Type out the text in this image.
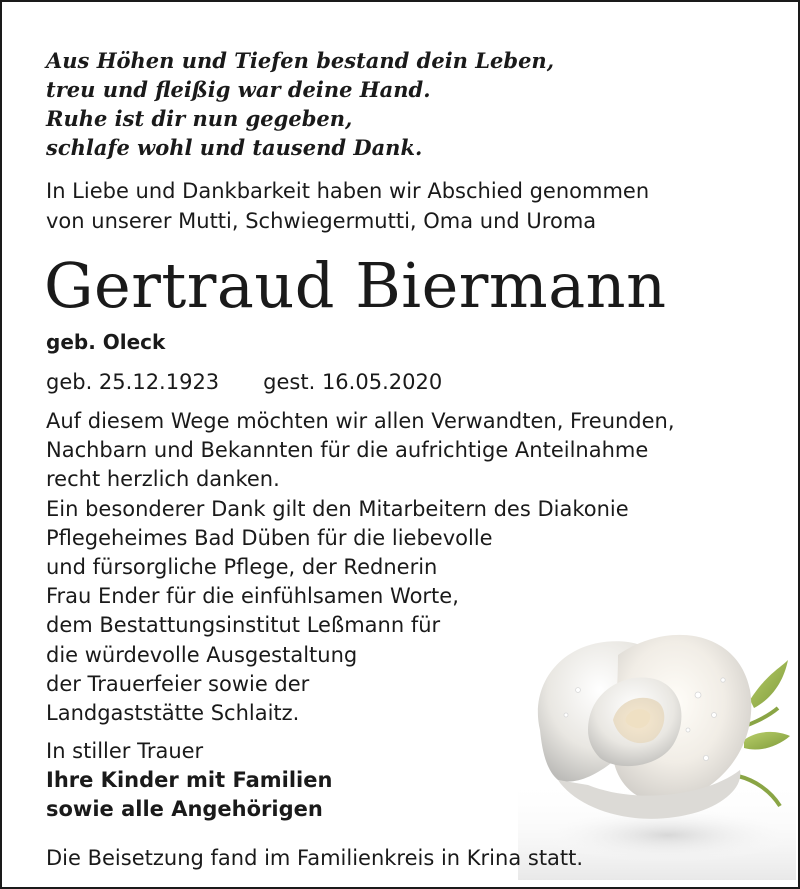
Aus Höhen und Tiefen bestand dein Leben,
treu und fleißig war deine Hand.
Ruhe ist dir nun gegeben,
schlafe wohl und tausend Dank.
In Liebe und Dankbarkeit haben wir Abschied genommen
von unserer Mutti, Schwiegermutti, Oma und Uroma
Gertraud Biermann
geb. Oleck
geb. 25.12.1923 gest. 16.05.2020
Auf diesem Wege möchten wir allen Verwandten, Freunden,
Nachbarn und Bekannten für die aufrichtige Anteilnahme
recht herzlich danken.
Ein besonderer Dank gilt den Mitarbeitern des Diakonie
Pflegeheimes Bad Düben für die liebevolle
und fürsorgliche Pflege, der Rednerin
Frau Ender für die einfühlsamen Worte,
dem Bestattungsinstitut Leßmann für
die würdevolle Ausgestaltung
der Trauerfeier sowie der
Landgaststätte Schlaitz.
In stiller Trauer
Ihre Kinder mit Familien
sowie alle Angehörigen
Die Beisetzung fand im Familienkreis in Krina statt.
